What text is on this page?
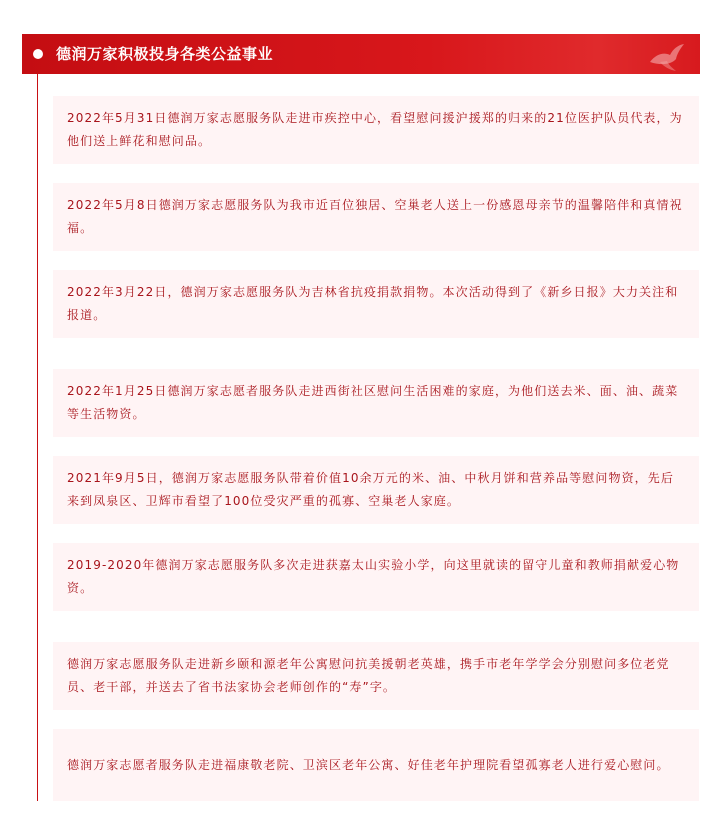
德润万家积极投身各类公益事业

2022年5月31日德润万家志愿服务队走进市疾控中心，看望慰问援沪援郑的归来的21位医护队员代表，为他们送上鲜花和慰问品。

2022年5月8日德润万家志愿服务队为我市近百位独居、空巢老人送上一份感恩母亲节的温馨陪伴和真情祝福。

2022年3月22日，德润万家志愿服务队为吉林省抗疫捐款捐物。本次活动得到了《新乡日报》大力关注和报道。

2022年1月25日德润万家志愿者服务队走进西街社区慰问生活困难的家庭，为他们送去米、面、油、蔬菜等生活物资。

2021年9月5日，德润万家志愿服务队带着价值10余万元的米、油、中秋月饼和营养品等慰问物资，先后来到凤泉区、卫辉市看望了100位受灾严重的孤寡、空巢老人家庭。

2019-2020年德润万家志愿服务队多次走进获嘉太山实验小学，向这里就读的留守儿童和教师捐献爱心物资。

德润万家志愿服务队走进新乡颐和源老年公寓慰问抗美援朝老英雄，携手市老年学学会分别慰问多位老党员、老干部，并送去了省书法家协会老师创作的“寿”字。

德润万家志愿者服务队走进福康敬老院、卫滨区老年公寓、好佳老年护理院看望孤寡老人进行爱心慰问。
